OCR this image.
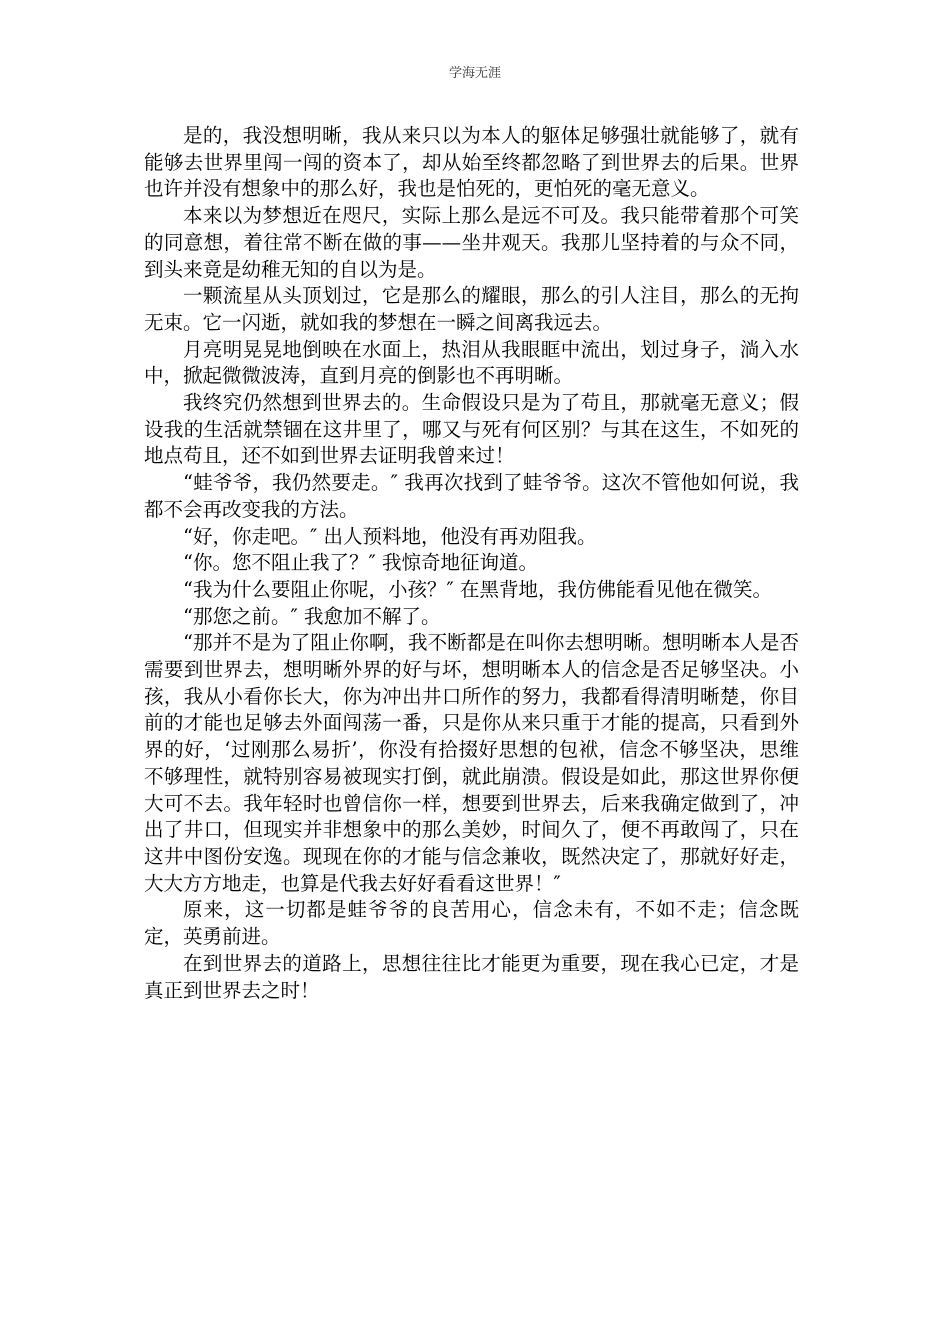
学海无涯

是的，我没想明晰，我从来只以为本人的躯体足够强壮就能够了，就有能够去世界里闯一闯的资本了，却从始至终都忽略了到世界去的后果。世界也许并没有想象中的那么好，我也是怕死的，更怕死的毫无意义。

本来以为梦想近在咫尺，实际上那么是远不可及。我只能带着那个可笑的同意想，着往常不断在做的事——坐井观天。我那儿坚持着的与众不同，到头来竟是幼稚无知的自以为是。

一颗流星从头顶划过，它是那么的耀眼，那么的引人注目，那么的无拘无束。它一闪逝，就如我的梦想在一瞬之间离我远去。

月亮明晃晃地倒映在水面上，热泪从我眼眶中流出，划过身子，淌入水中，掀起微微波涛，直到月亮的倒影也不再明晰。

我终究仍然想到世界去的。生命假设只是为了苟且，那就毫无意义；假设我的生活就禁锢在这井里了，哪又与死有何区别？与其在这生，不如死的地点苟且，还不如到世界去证明我曾来过！

“蛙爷爷，我仍然要走。″ 我再次找到了蛙爷爷。这次不管他如何说，我都不会再改变我的方法。

“好，你走吧。″ 出人预料地，他没有再劝阻我。

“你。您不阻止我了？″ 我惊奇地征询道。

“我为什么要阻止你呢，小孩？″ 在黑背地，我仿佛能看见他在微笑。

“那您之前。″ 我愈加不解了。

“那并不是为了阻止你啊，我不断都是在叫你去想明晰。想明晰本人是否需要到世界去，想明晰外界的好与坏，想明晰本人的信念是否足够坚决。小孩，我从小看你长大，你为冲出井口所作的努力，我都看得清明晰楚，你目前的才能也足够去外面闯荡一番，只是你从来只重于才能的提高，只看到外界的好，‘过刚那么易折’，你没有拾掇好思想的包袱，信念不够坚决，思维不够理性，就特别容易被现实打倒，就此崩溃。假设是如此，那这世界你便大可不去。我年轻时也曾信你一样，想要到世界去，后来我确定做到了，冲出了井口，但现实并非想象中的那么美妙，时间久了，便不再敢闯了，只在这井中图份安逸。现现在你的才能与信念兼收，既然决定了，那就好好走，大大方方地走，也算是代我去好好看看这世界！″

原来，这一切都是蛙爷爷的良苦用心，信念未有，不如不走；信念既定，英勇前进。

在到世界去的道路上，思想往往比才能更为重要，现在我心已定，才是真正到世界去之时！
